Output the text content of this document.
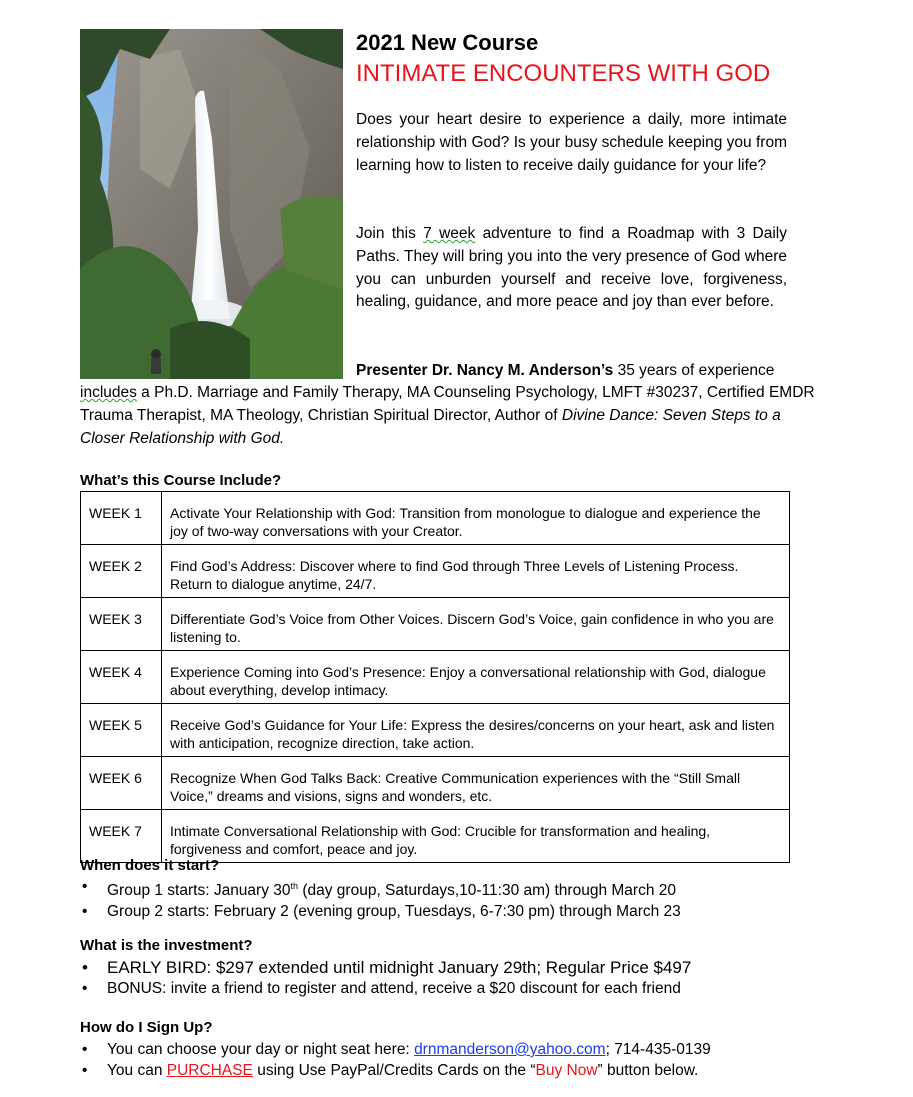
2021 New Course
INTIMATE ENCOUNTERS WITH GOD

Does your heart desire to experience a daily, more intimate relationship with God? Is your busy schedule keeping you from learning how to listen to receive daily guidance for your life?

Join this 7 week adventure to find a Roadmap with 3 Daily Paths. They will bring you into the very presence of God where you can unburden yourself and receive love, forgiveness, healing, guidance, and more peace and joy than ever before.

Presenter Dr. Nancy M. Anderson’s 35 years of experience

includes a Ph.D. Marriage and Family Therapy, MA Counseling Psychology, LMFT #30237, Certified EMDR Trauma Therapist, MA Theology, Christian Spiritual Director, Author of Divine Dance: Seven Steps to a Closer Relationship with God.

What’s this Course Include?
WEEK 1	Activate Your Relationship with God: Transition from monologue to dialogue and experience the joy of two-way conversations with your Creator.
WEEK 2	Find God’s Address: Discover where to find God through Three Levels of Listening Process. Return to dialogue anytime, 24/7.
WEEK 3	Differentiate God’s Voice from Other Voices. Discern God’s Voice, gain confidence in who you are listening to.
WEEK 4	Experience Coming into God’s Presence: Enjoy a conversational relationship with God, dialogue about everything, develop intimacy.
WEEK 5	Receive God’s Guidance for Your Life: Express the desires/concerns on your heart, ask and listen with anticipation, recognize direction, take action.
WEEK 6	Recognize When God Talks Back: Creative Communication experiences with the “Still Small Voice,” dreams and visions, signs and wonders, etc.
WEEK 7	Intimate Conversational Relationship with God: Crucible for transformation and healing, forgiveness and comfort, peace and joy.
When does it start?
• Group 1 starts: January 30th (day group, Saturdays,10-11:30 am) through March 20
• Group 2 starts: February 2 (evening group, Tuesdays, 6-7:30 pm) through March 23
What is the investment?
• EARLY BIRD: $297 extended until midnight January 29th; Regular Price $497
• BONUS: invite a friend to register and attend, receive a $20 discount for each friend
How do I Sign Up?
• You can choose your day or night seat here: drnmanderson@yahoo.com; 714-435-0139
• You can PURCHASE using Use PayPal/Credits Cards on the “Buy Now” button below.
